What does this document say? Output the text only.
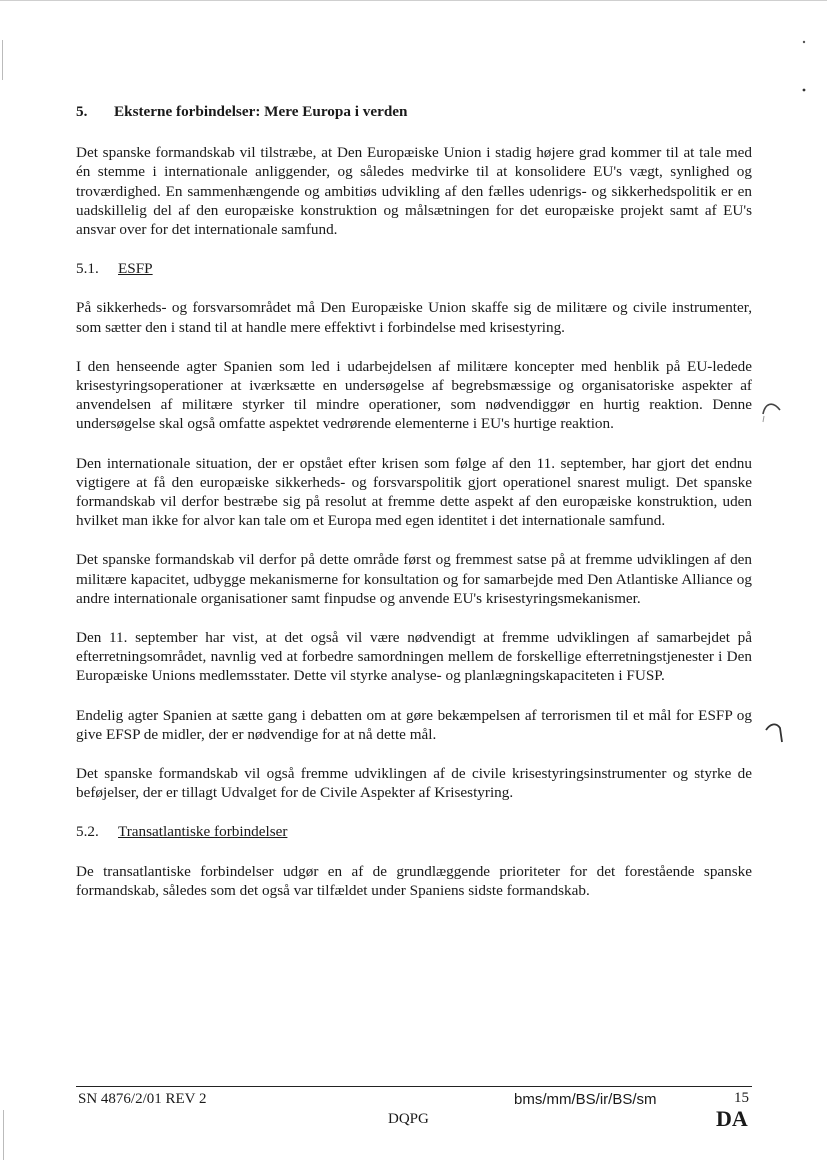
5.	Eksterne forbindelser: Mere Europa i verden

Det spanske formandskab vil tilstræbe, at Den Europæiske Union i stadig højere grad kommer til at tale med én stemme i internationale anliggender, og således medvirke til at konsolidere EU's vægt, synlighed og troværdighed. En sammenhængende og ambitiøs udvikling af den fælles udenrigs- og sikkerhedspolitik er en uadskillelig del af den europæiske konstruktion og målsætningen for det europæiske projekt samt af EU's ansvar over for det internationale samfund.

5.1.	ESFP

På sikkerheds- og forsvarsområdet må Den Europæiske Union skaffe sig de militære og civile instrumenter, som sætter den i stand til at handle mere effektivt i forbindelse med krisestyring.

I den henseende agter Spanien som led i udarbejdelsen af militære koncepter med henblik på EU-ledede krisestyringsoperationer at iværksætte en undersøgelse af begrebsmæssige og organisatoriske aspekter af anvendelsen af militære styrker til mindre operationer, som nødvendiggør en hurtig reaktion. Denne undersøgelse skal også omfatte aspektet vedrørende elementerne i EU's hurtige reaktion.

Den internationale situation, der er opstået efter krisen som følge af den 11. september, har gjort det endnu vigtigere at få den europæiske sikkerheds- og forsvarspolitik gjort operationel snarest muligt. Det spanske formandskab vil derfor bestræbe sig på resolut at fremme dette aspekt af den europæiske konstruktion, uden hvilket man ikke for alvor kan tale om et Europa med egen identitet i det internationale samfund.

Det spanske formandskab vil derfor på dette område først og fremmest satse på at fremme udviklingen af den militære kapacitet, udbygge mekanismerne for konsultation og for samarbejde med Den Atlantiske Alliance og andre internationale organisationer samt finpudse og anvende EU's krisestyringsmekanismer.

Den 11. september har vist, at det også vil være nødvendigt at fremme udviklingen af samarbejdet på efterretningsområdet, navnlig ved at forbedre samordningen mellem de forskellige efterretningstjenester i Den Europæiske Unions medlemsstater. Dette vil styrke analyse- og planlægningskapaciteten i FUSP.

Endelig agter Spanien at sætte gang i debatten om at gøre bekæmpelsen af terrorismen til et mål for ESFP og give EFSP de midler, der er nødvendige for at nå dette mål.

Det spanske formandskab vil også fremme udviklingen af de civile krisestyringsinstrumenter og styrke de beføjelser, der er tillagt Udvalget for de Civile Aspekter af Krisestyring.

5.2.	Transatlantiske forbindelser

De transatlantiske forbindelser udgør en af de grundlæggende prioriteter for det forestående spanske formandskab, således som det også var tilfældet under Spaniens sidste formandskab.

SN 4876/2/01 REV 2
DQPG
bms/mm/BS/ir/BS/sm	15
DA
